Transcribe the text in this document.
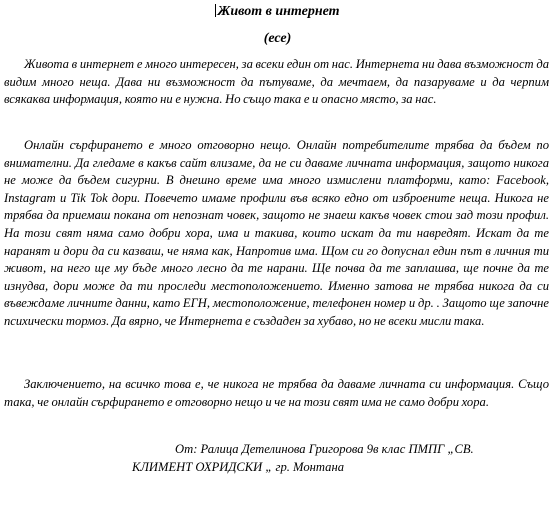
Живот в интернет
(есе)

Живота в интернет е много интересен, за всеки един от нас. Интернета ни дава възможност да видим много неща. Дава ни възможност да пътуваме, да мечтаем, да пазаруваме и да черпим всякаква информация, която ни е нужна. Но също така е и опасно място, за нас.

Онлайн сърфирането е много отговорно нещо. Онлайн потребителите трябва да бъдем по внимателни. Да гледаме в какъв сайт влизаме, да не си даваме личната информация, защото никога не може да бъдем сигурни. В днешно време има много измислени платформи, като: Facebook, Instagram и Tik Tok дори. Повечето имаме профили във всяко едно от изброените неща. Никога не трябва да приемаш покана от непознат човек, защото не знаеш какъв човек стои зад този профил. На този свят няма само добри хора, има и такива, които искат да ти навредят. Искат да те наранят и дори да си казваш, че няма как, Напротив има. Щом си го допуснал един път в личния ти живот, на него ще му бъде много лесно да те нарани. Ще почва да те заплашва, ще почне да те изнудва, дори може да ти проследи местоположението. Именно затова не трябва никога да си въвеждаме личните данни, като ЕГН, местоположение, телефонен номер и др. . Защото ще започне психически тормоз. Да вярно, че Интернета е създаден за хубаво, но не всеки мисли така.

Заключението, на всичко това е, че никога не трябва да даваме личната си информация. Също така, че онлайн сърфирането е отговорно нещо и че на този свят има не само добри хора.

От: Ралица Детелинова Григорова 9в клас ПМПГ „СВ.
КЛИМЕНТ ОХРИДСКИ „ гр. Монтана
